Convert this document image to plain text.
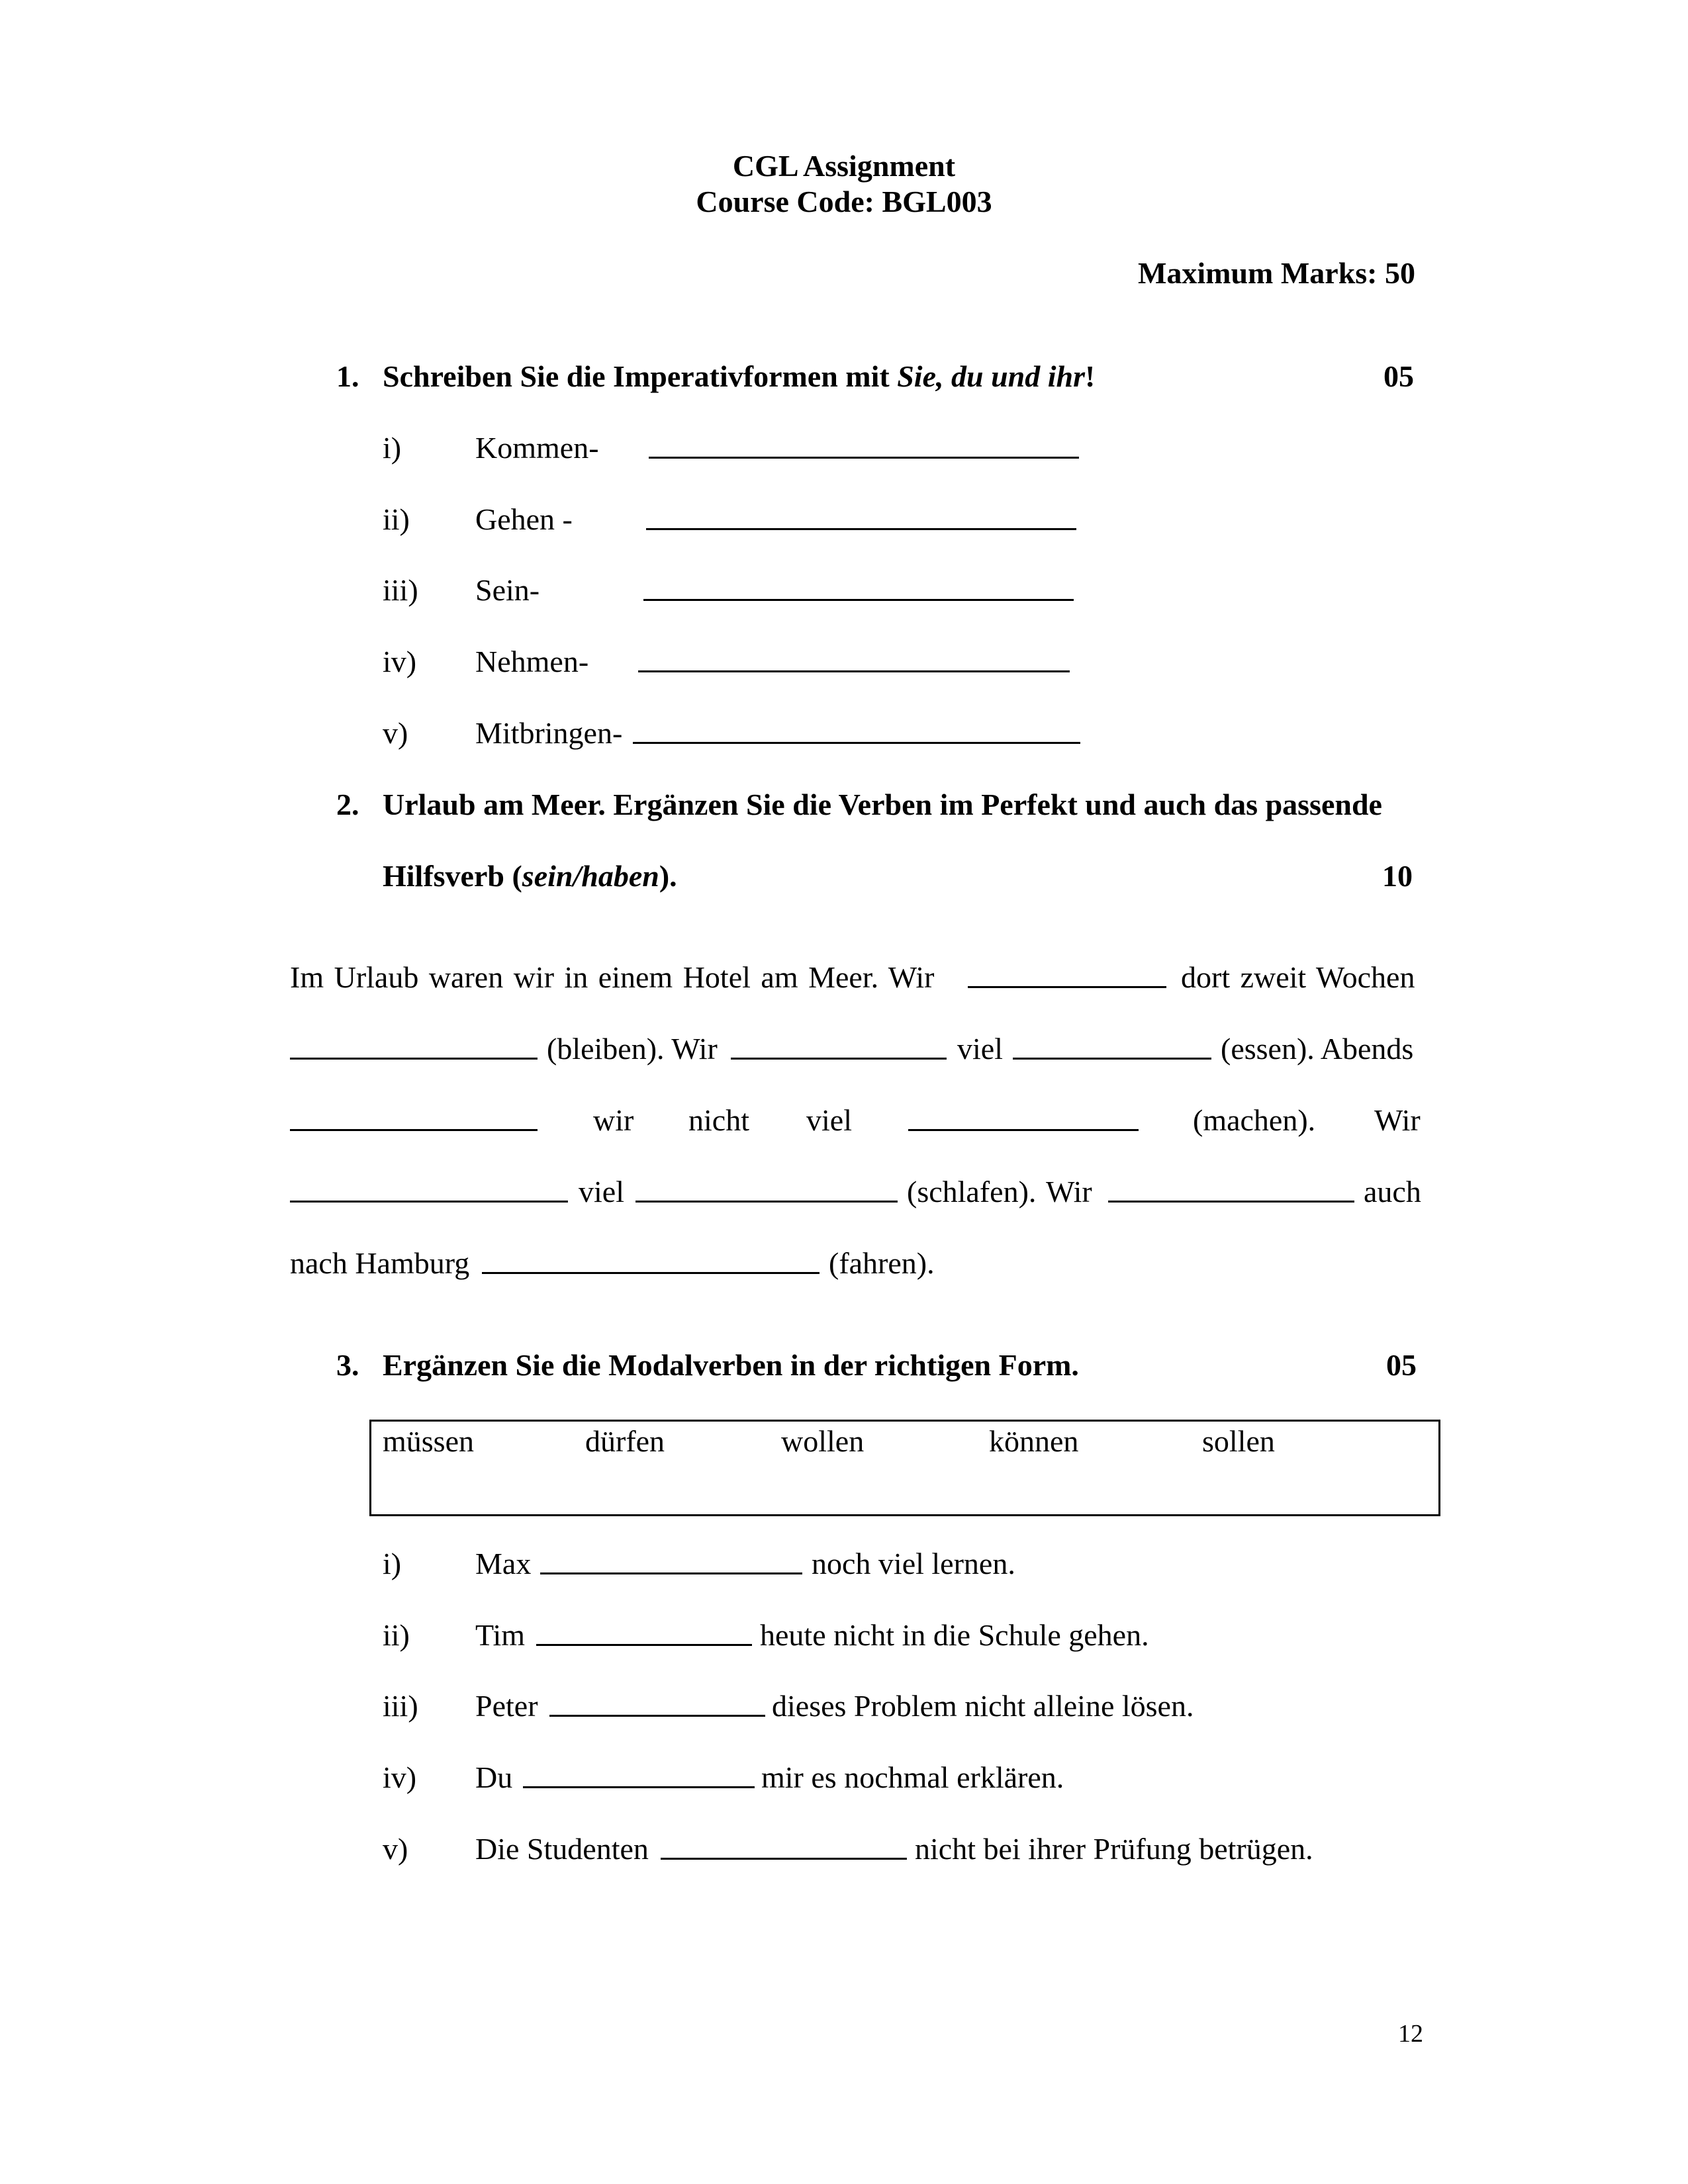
CGL Assignment
Course Code: BGL003
Maximum Marks: 50
1. Schreiben Sie die Imperativformen mit Sie, du und ihr!	05
i) Kommen-
ii) Gehen -
iii) Sein-
iv) Nehmen-
v) Mitbringen-
2. Urlaub am Meer. Ergänzen Sie die Verben im Perfekt und auch das passende
Hilfsverb (sein/haben).	10
Im Urlaub waren wir in einem Hotel am Meer. Wir	dort zweit Wochen
(bleiben). Wir	viel	(essen). Abends
wir nicht viel	(machen). Wir
viel	(schlafen). Wir	auch
nach Hamburg	(fahren).
3. Ergänzen Sie die Modalverben in der richtigen Form.	05
müssen	dürfen	wollen	können	sollen
i) Max	noch viel lernen.
ii) Tim	heute nicht in die Schule gehen.
iii) Peter	dieses Problem nicht alleine lösen.
iv) Du	mir es nochmal erklären.
v) Die Studenten	nicht bei ihrer Prüfung betrügen.
12
